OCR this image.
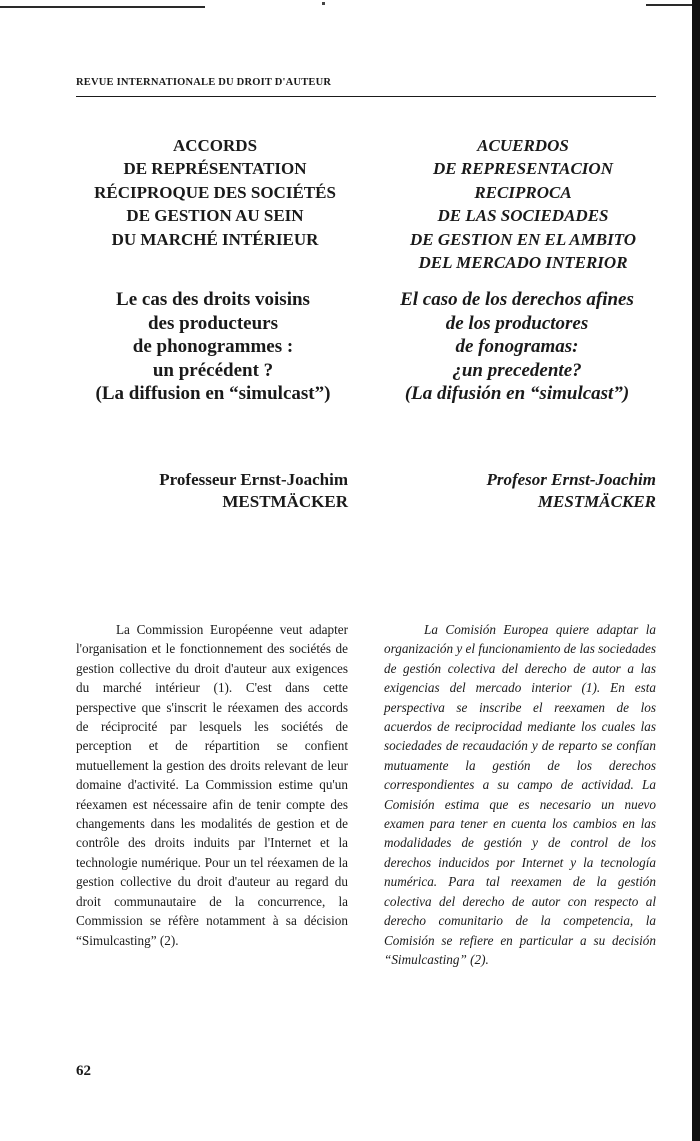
REVUE INTERNATIONALE DU DROIT D'AUTEUR
ACCORDS
DE REPRÉSENTATION
RÉCIPROQUE DES SOCIÉTÉS
DE GESTION AU SEIN
DU MARCHÉ INTÉRIEUR
ACUERDOS
DE REPRESENTACION
RECIPROCA
DE LAS SOCIEDADES
DE GESTION EN EL AMBITO
DEL MERCADO INTERIOR
Le cas des droits voisins
des producteurs
de phonogrammes :
un précédent ?
(La diffusion en “simulcast”)
El caso de los derechos afines
de los productores
de fonogramas:
¿un precedente?
(La difusión en “simulcast”)
Professeur Ernst-Joachim
MESTMÄCKER
Profesor Ernst-Joachim
MESTMÄCKER

La Commission Européenne veut adapter l'organisation et le fonctionnement des sociétés de gestion collective du droit d'auteur aux exigences du marché intérieur (1). C'est dans cette perspective que s'inscrit le réexamen des accords de réciprocité par lesquels les sociétés de perception et de répartition se confient mutuellement la gestion des droits relevant de leur domaine d'activité. La Commission estime qu'un réexamen est nécessaire afin de tenir compte des changements dans les modalités de gestion et de contrôle des droits induits par l'Internet et la technologie numérique. Pour un tel réexamen de la gestion collective du droit d'auteur au regard du droit communautaire de la concurrence, la Commission se réfère notamment à sa décision “Simulcasting” (2).

La Comisión Europea quiere adaptar la organización y el funcionamiento de las sociedades de gestión colectiva del derecho de autor a las exigencias del mercado interior (1). En esta perspectiva se inscribe el reexamen de los acuerdos de reciprocidad mediante los cuales las sociedades de recaudación y de reparto se confían mutuamente la gestión de los derechos correspondientes a su campo de actividad. La Comisión estima que es necesario un nuevo examen para tener en cuenta los cambios en las modalidades de gestión y de control de los derechos inducidos por Internet y la tecnología numérica. Para tal reexamen de la gestión colectiva del derecho de autor con respecto al derecho comunitario de la competencia, la Comisión se refiere en particular a su decisión “Simulcasting” (2).

62
